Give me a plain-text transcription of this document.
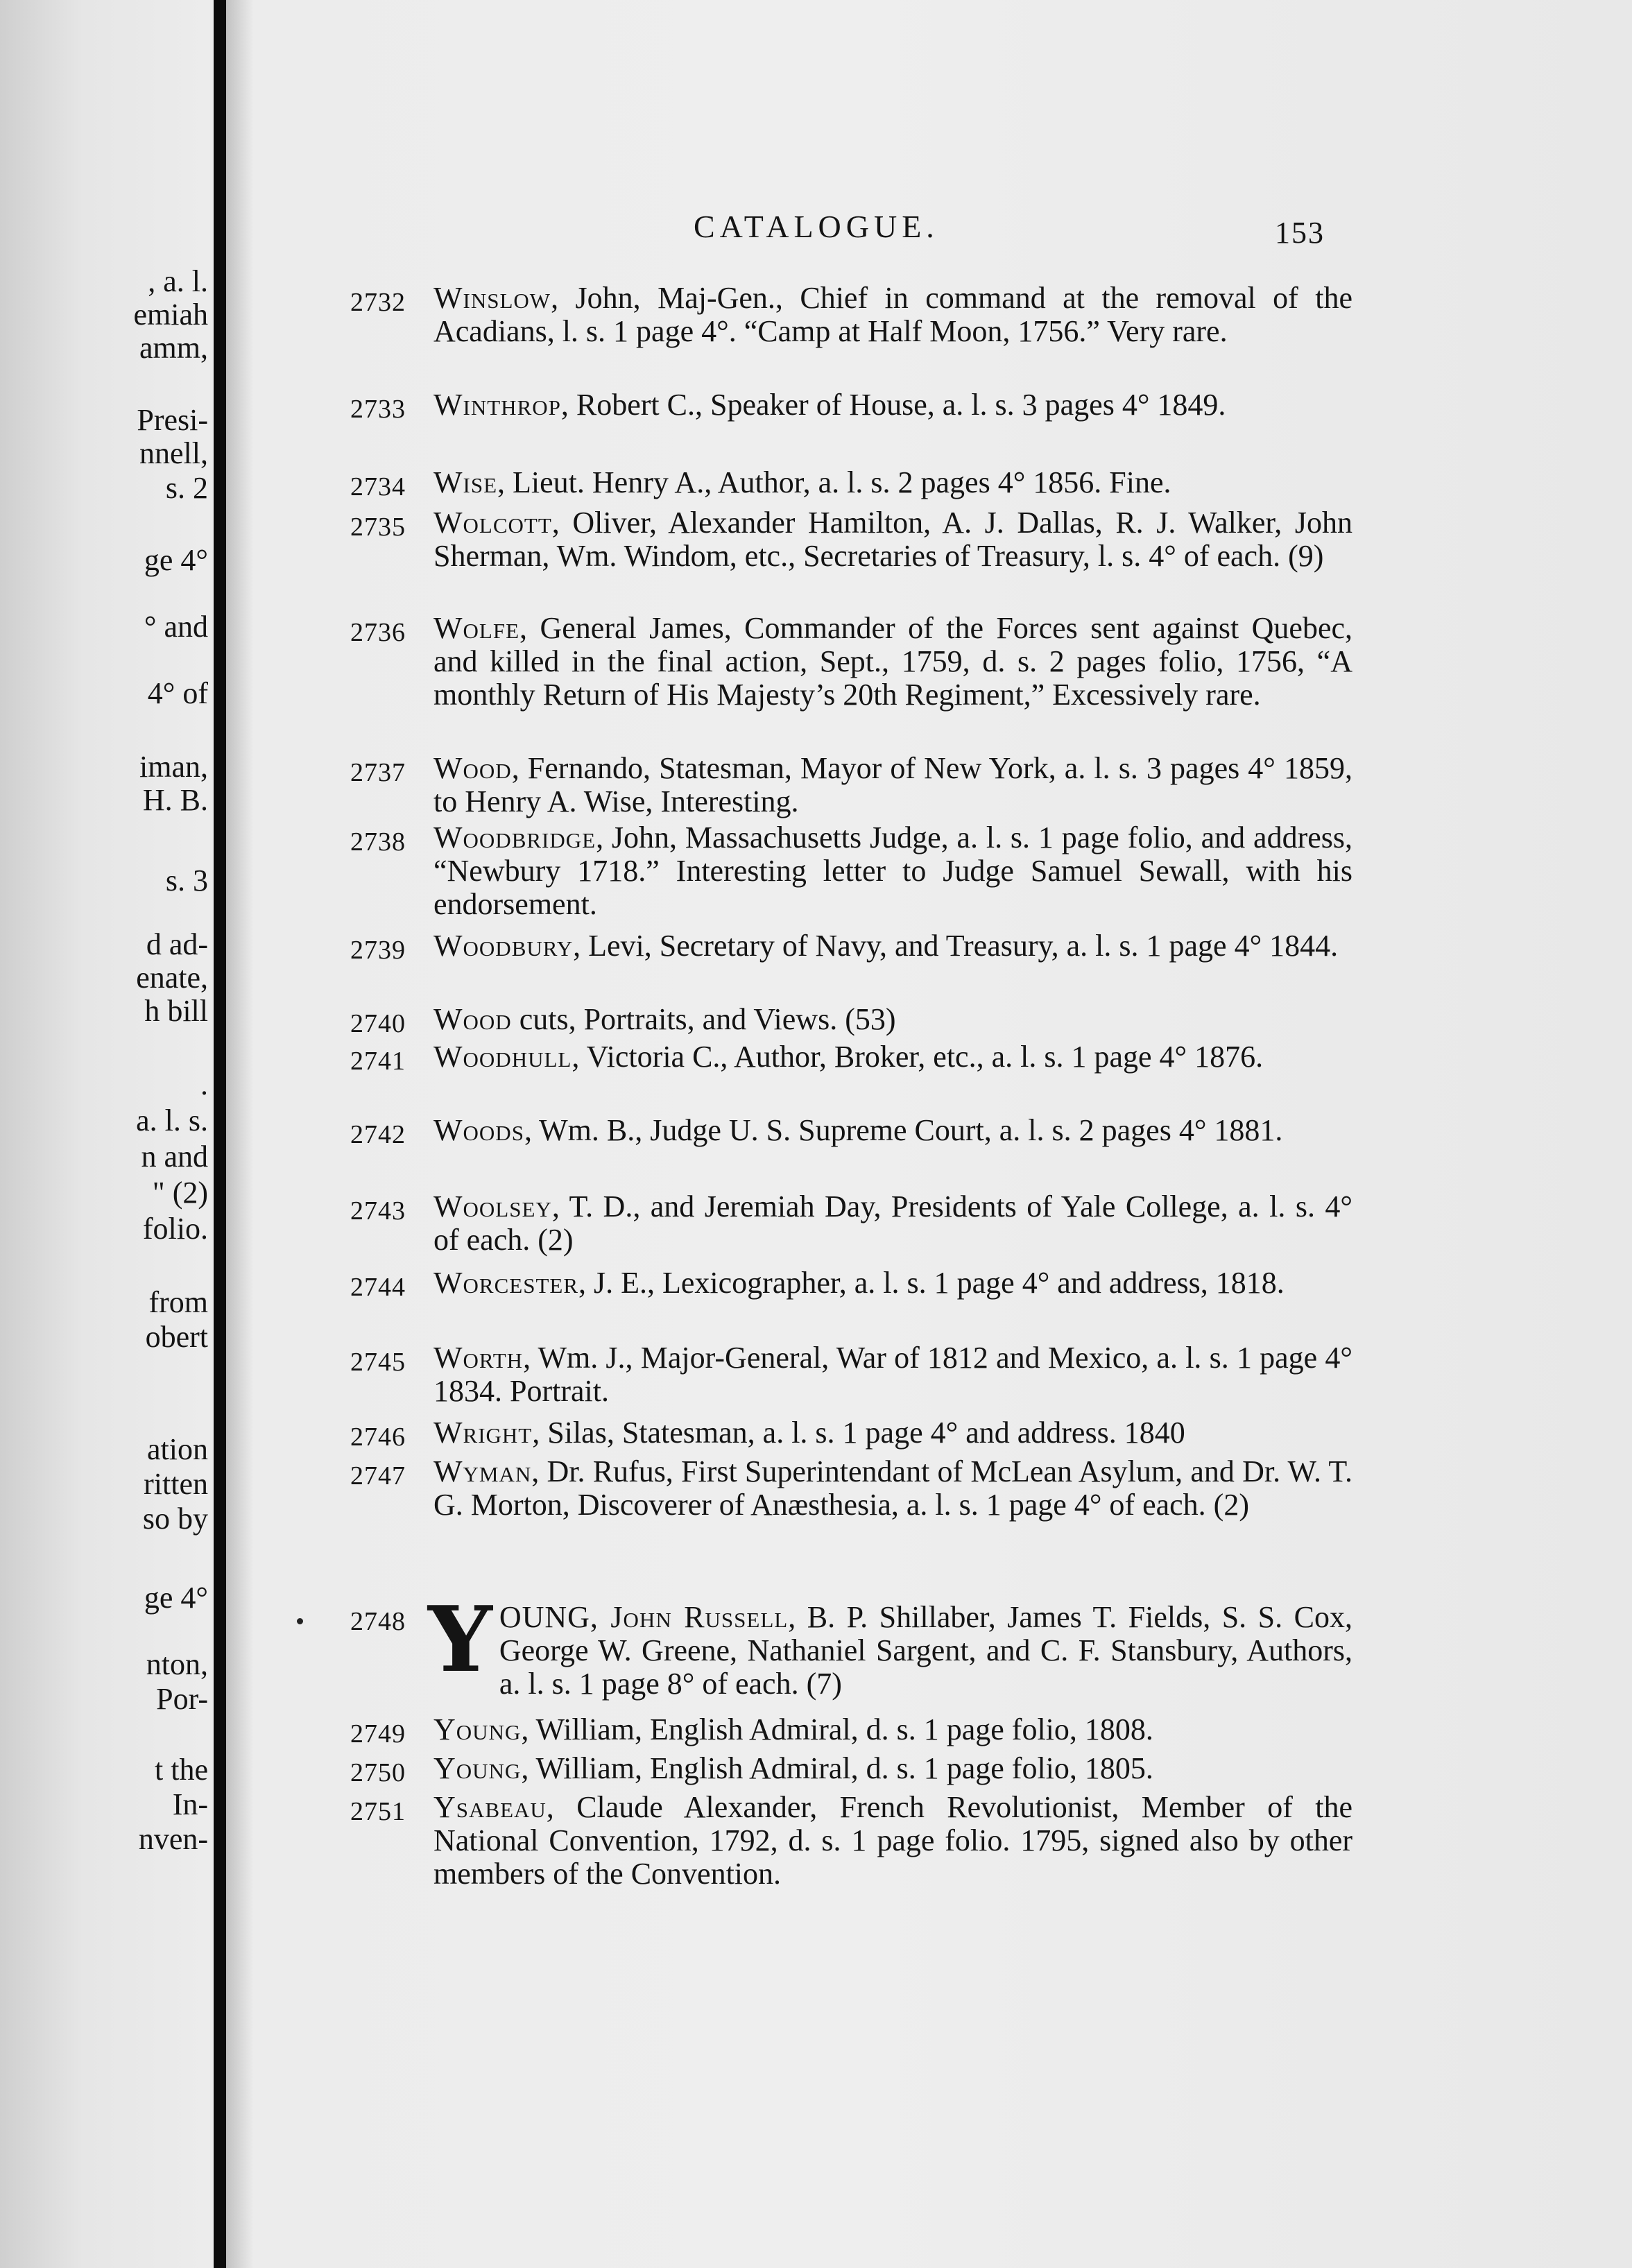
, a. l.
emiah
amm,
Presi-
nnell,
s. 2
ge 4°
° and
4° of
iman,
H. B.
s. 3
d ad-
enate,
h bill
.
a. l. s.
n and
" (2)
folio.
from
obert
ation
ritten
so by
ge 4°
nton,
Por-
t the
In-
nven-
CATALOGUE.	153
2732 Winslow, John, Maj-Gen., Chief in command at the removal of the Acadians, l. s. 1 page 4°. “Camp at Half Moon, 1756.” Very rare.
2733 Winthrop, Robert C., Speaker of House, a. l. s. 3 pages 4° 1849.
2734 Wise, Lieut. Henry A., Author, a. l. s. 2 pages 4° 1856. Fine.
2735 Wolcott, Oliver, Alexander Hamilton, A. J. Dallas, R. J. Walker, John Sherman, Wm. Windom, etc., Secretaries of Treasury, l. s. 4° of each. (9)
2736 Wolfe, General James, Commander of the Forces sent against Quebec, and killed in the final action, Sept., 1759, d. s. 2 pages folio, 1756, “A monthly Return of His Majesty’s 20th Regiment,” Excessively rare.
2737 Wood, Fernando, Statesman, Mayor of New York, a. l. s. 3 pages 4° 1859, to Henry A. Wise, Interesting.
2738 Woodbridge, John, Massachusetts Judge, a. l. s. 1 page folio, and address, “Newbury 1718.” Interesting letter to Judge Samuel Sewall, with his endorsement.
2739 Woodbury, Levi, Secretary of Navy, and Treasury, a. l. s. 1 page 4° 1844.
2740 Wood cuts, Portraits, and Views. (53)
2741 Woodhull, Victoria C., Author, Broker, etc., a. l. s. 1 page 4° 1876.
2742 Woods, Wm. B., Judge U. S. Supreme Court, a. l. s. 2 pages 4° 1881.
2743 Woolsey, T. D., and Jeremiah Day, Presidents of Yale College, a. l. s. 4° of each. (2)
2744 Worcester, J. E., Lexicographer, a. l. s. 1 page 4° and address, 1818.
2745 Worth, Wm. J., Major-General, War of 1812 and Mexico, a. l. s. 1 page 4° 1834. Portrait.
2746 Wright, Silas, Statesman, a. l. s. 1 page 4° and address. 1840
2747 Wyman, Dr. Rufus, First Superintendant of McLean Asylum, and Dr. W. T. G. Morton, Discoverer of Anæsthesia, a. l. s. 1 page 4° of each. (2)
2748 YOUNG, John Russell, B. P. Shillaber, James T. Fields, S. S. Cox, George W. Greene, Nathaniel Sargent, and C. F. Stansbury, Authors, a. l. s. 1 page 8° of each. (7)
2749 Young, William, English Admiral, d. s. 1 page folio, 1808.
2750 Young, William, English Admiral, d. s. 1 page folio, 1805.
2751 Ysabeau, Claude Alexander, French Revolutionist, Member of the National Convention, 1792, d. s. 1 page folio. 1795, signed also by other members of the Convention.
